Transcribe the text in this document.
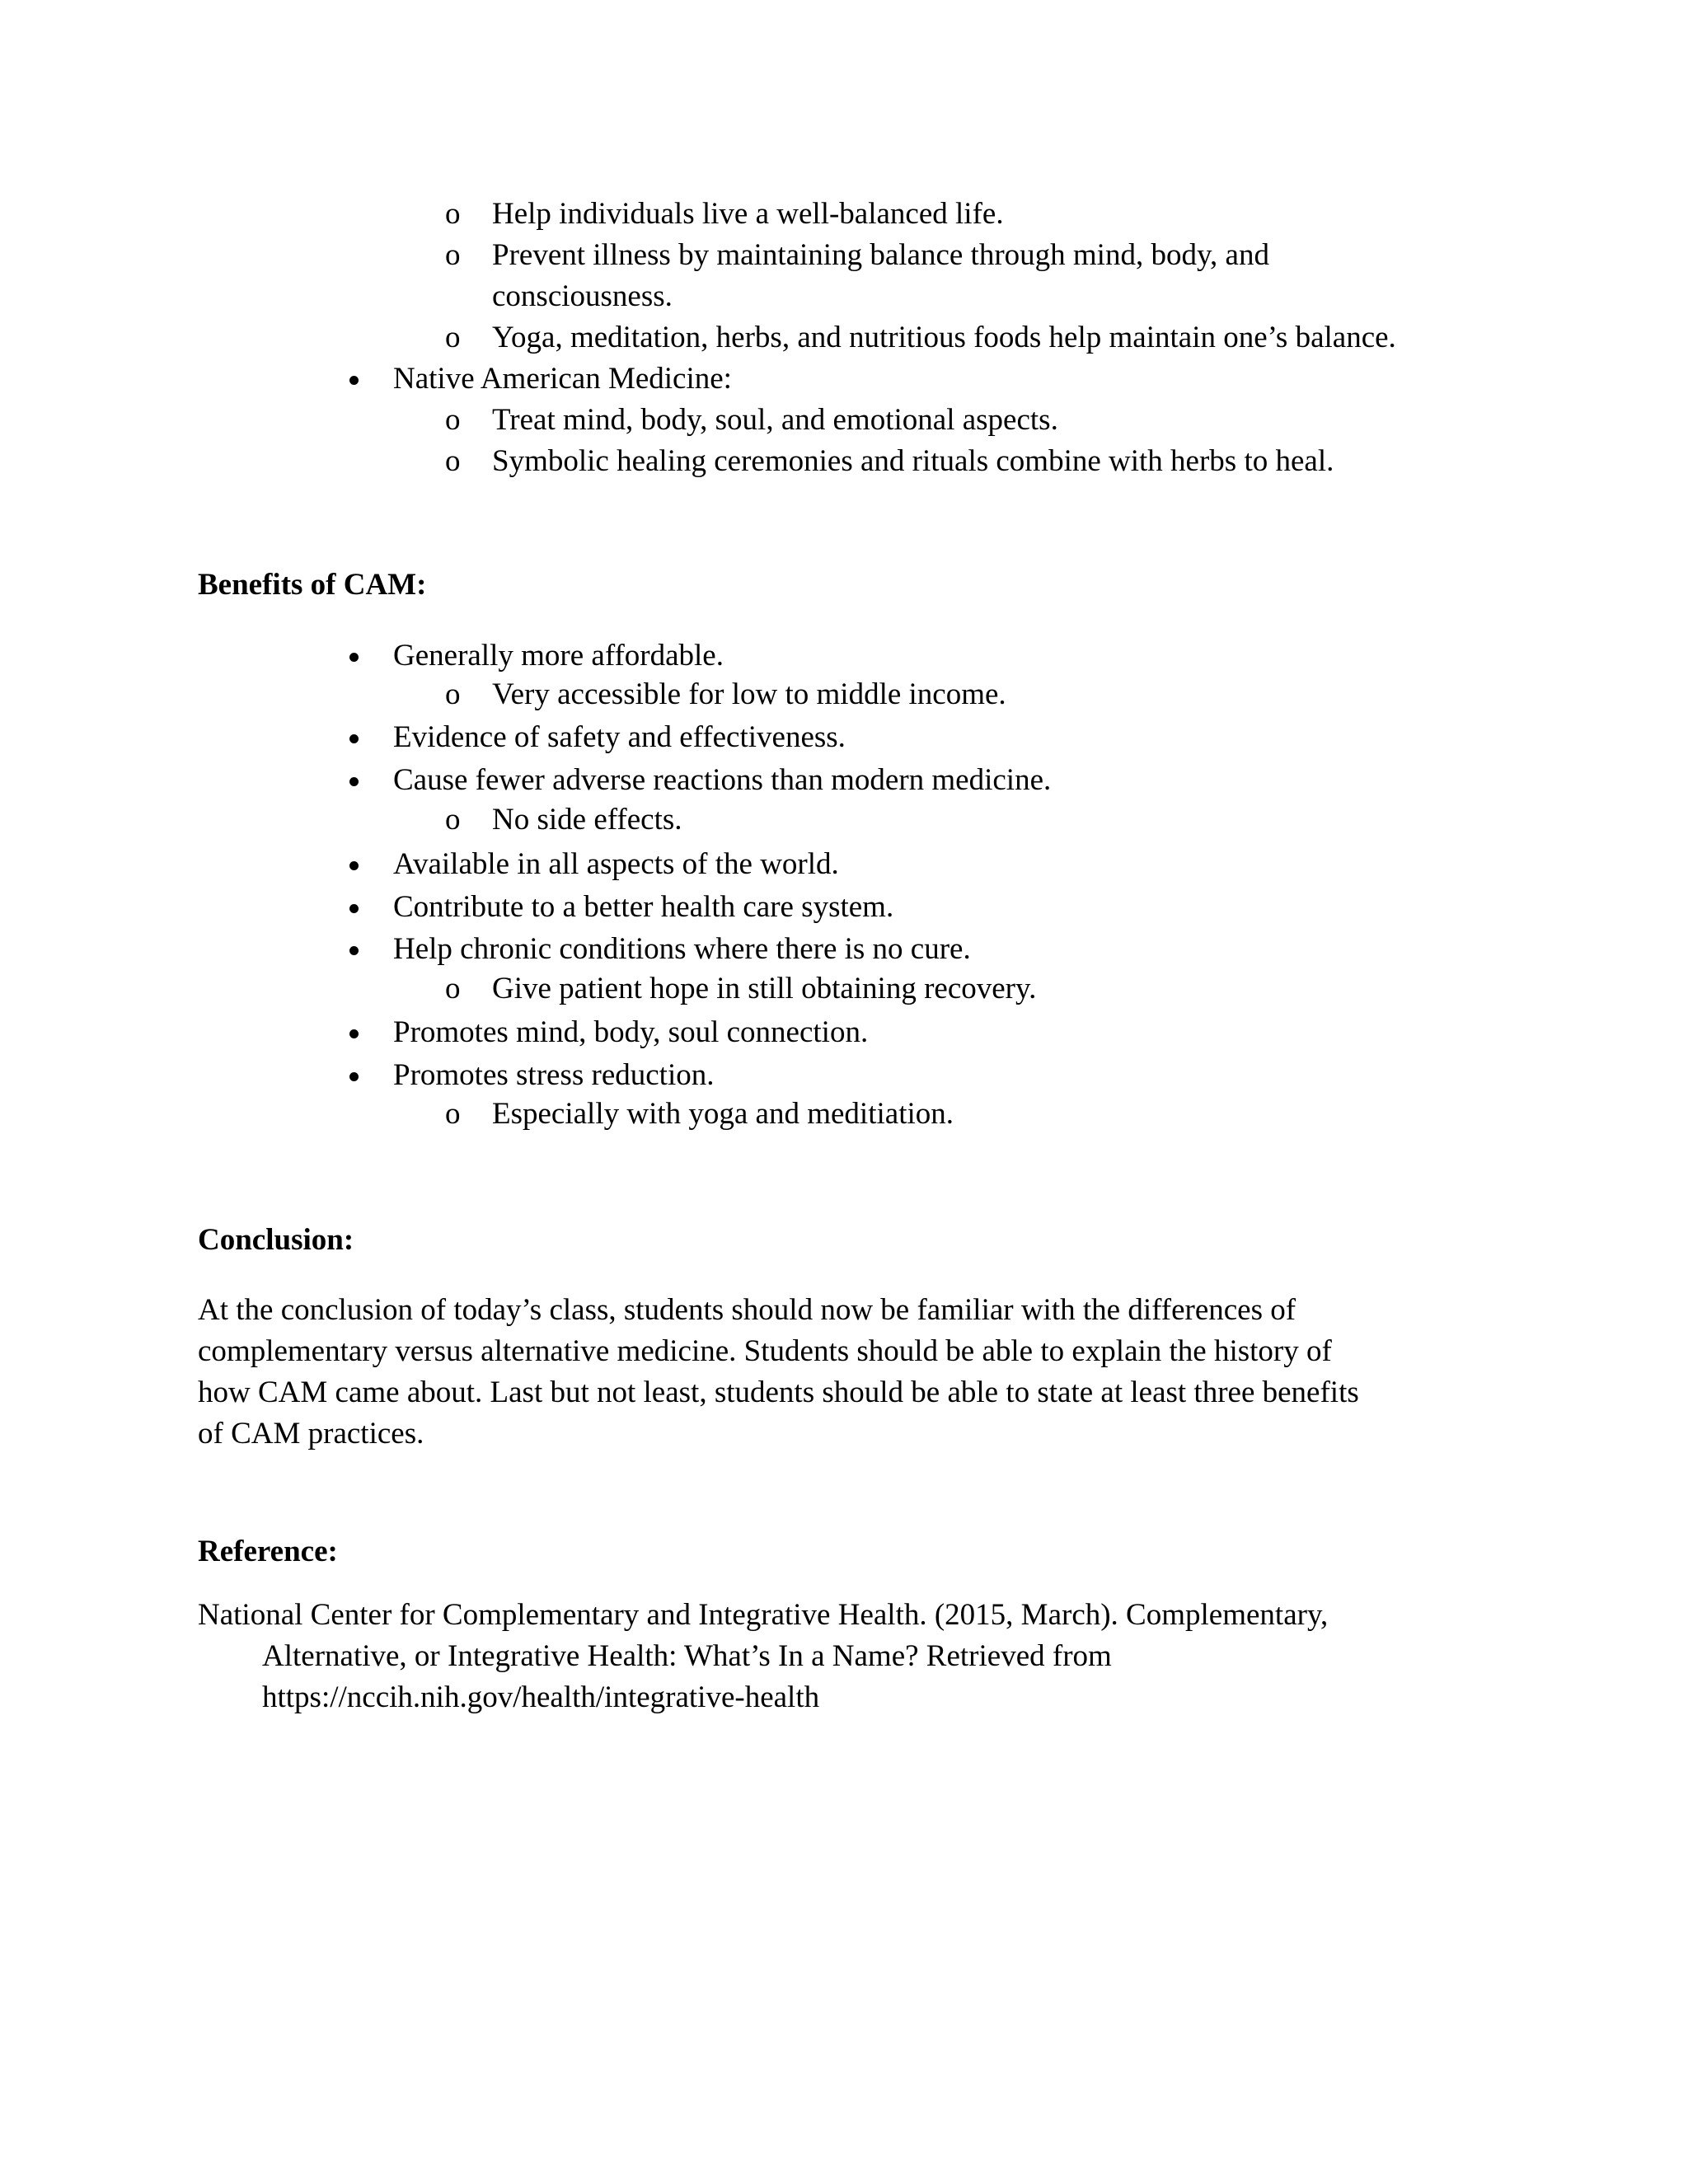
o Help individuals live a well-balanced life.
o Prevent illness by maintaining balance through mind, body, and
consciousness.
o Yoga, meditation, herbs, and nutritious foods help maintain one’s balance.
Native American Medicine:
o Treat mind, body, soul, and emotional aspects.
o Symbolic healing ceremonies and rituals combine with herbs to heal.
Benefits of CAM:
Generally more affordable.
o Very accessible for low to middle income.
Evidence of safety and effectiveness.
Cause fewer adverse reactions than modern medicine.
o No side effects.
Available in all aspects of the world.
Contribute to a better health care system.
Help chronic conditions where there is no cure.
o Give patient hope in still obtaining recovery.
Promotes mind, body, soul connection.
Promotes stress reduction.
o Especially with yoga and meditiation.
Conclusion:
At the conclusion of today’s class, students should now be familiar with the differences of
complementary versus alternative medicine. Students should be able to explain the history of
how CAM came about. Last but not least, students should be able to state at least three benefits
of CAM practices.
Reference:
National Center for Complementary and Integrative Health. (2015, March). Complementary,
Alternative, or Integrative Health: What’s In a Name? Retrieved from
https://nccih.nih.gov/health/integrative-health
